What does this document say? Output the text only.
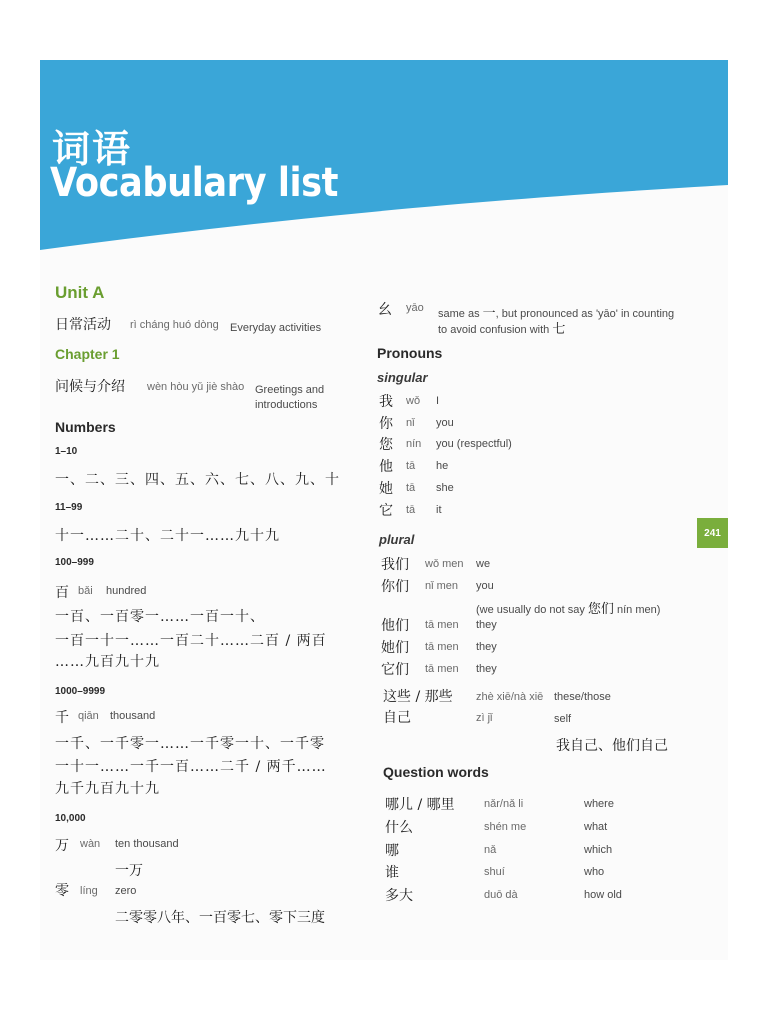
词语
Vocabulary list
Unit A
日常活动 rì cháng huó dòng Everyday activities
Chapter 1
问候与介绍 wèn hòu yǔ jiè shào Greetings and
introductions
Numbers
1–10
一、二、三、四、五、六、七、八、九、十
11–99
十一……二十、二十一……九十九
100–999
百 bǎi hundred
一百、一百零一……一百一十、
一百一十一……一百二十……二百 / 两百
……九百九十九
1000–9999
千 qiān thousand
一千、一千零一……一千零一十、一千零
一十一……一千一百……二千 / 两千……
九千九百九十九
10,000
万 wàn ten thousand
一万
零 líng zero
二零零八年、一百零七、零下三度
幺 yāo same as 一, but pronounced as 'yāo' in counting
to avoid confusion with 七
Pronouns
singular
我 wǒ I
你 nǐ you
您 nín you (respectful)
他 tā he
她 tā she
它 tā it
plural
我们 wǒ men we
你们 nǐ men you
他们 tā men they
她们 tā men they
它们 tā men they
(we usually do not say 您们 nín men)
这些 / 那些 zhè xiē/nà xiē these/those
自己	zì jǐ	self
我自己、他们自己
Question words
哪儿 / 哪里	nǎr/nǎ li	where
什么	shén me	what
哪	nǎ	which
谁	shuí	who
多大	duō dà	how old
241
